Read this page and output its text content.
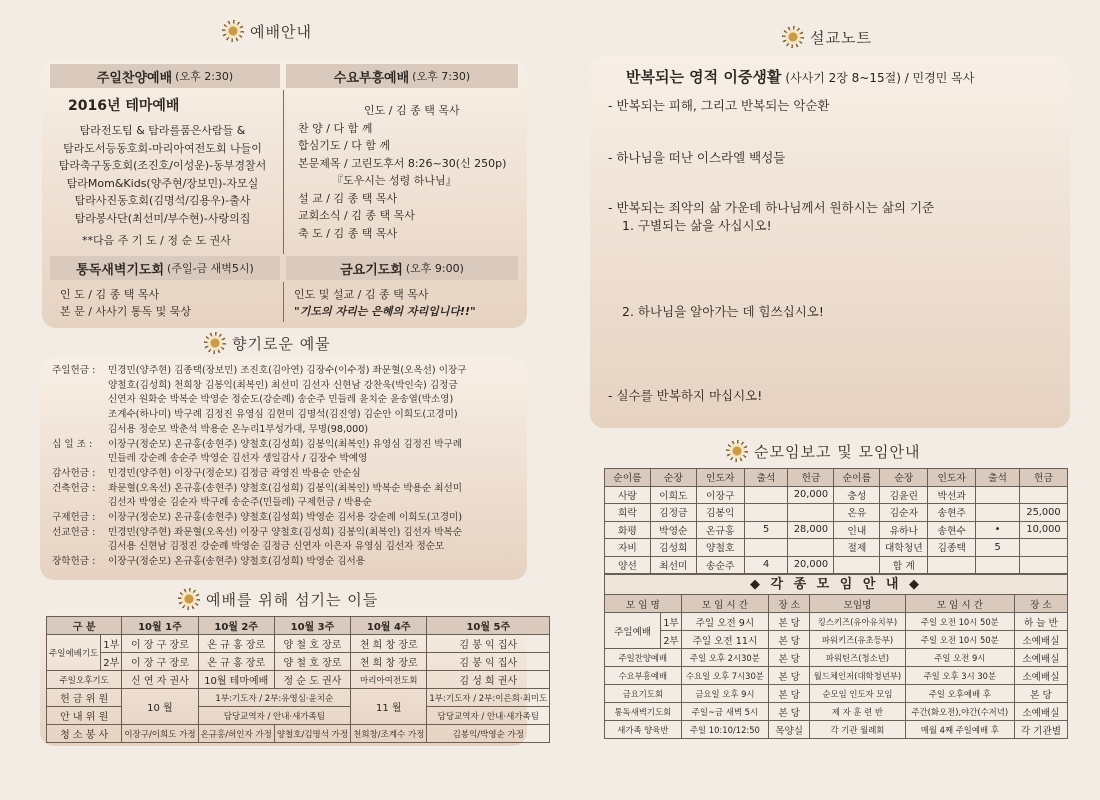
예배안내
주일찬양예배 (오후 2:30)	수요부흥예배 (오후 7:30)
2016년 테마예배
탐라전도팀 & 탐라를품은사람들 &
탐라도서등동호회-마리아여전도회 나들이
탐라축구동호회(조진호/이성운)-동부경찰서
탐라Mom&Kids(양주현/장보민)-자모실
탐라사진동호회(김명석/김용우)-출사
탐라봉사단(최선미/부수현)-사랑의집
**다음 주 기 도 / 정 순 도 권사
인도 / 김 종 택 목사
찬 양 / 다 함 께
합심기도 / 다 함 께
본문제목 / 고린도후서 8:26~30(신 250p)
『도우시는 성령 하나님』
설 교 / 김 종 택 목사
교회소식 / 김 종 택 목사
축 도 / 김 종 택 목사
통독새벽기도회 (주일-금 새벽5시)	금요기도회 (오후 9:00)
인 도 / 김 종 택 목사
본 문 / 사사기 통독 및 묵상
인도 및 설교 / 김 종 택 목사
"기도의 자리는 은혜의 자리입니다!!"
향기로운 예물
주일헌금 :	민경민(양주현) 김종택(장보민) 조진호(김아연) 김장수(이수정) 좌문혈(오옥선) 이장구
양철호(김성희) 천희창 김봉익(최복인) 최선미 김선자 신현남 강찬욱(박인숙) 김정금
신연자 원화순 박복순 박영순 정순도(강순례) 송순주 민들레 윤치순 윤송열(박소영)
조계수(하나미) 박구례 김정진 유영심 김현미 김명석(김진영) 김순안 이희도(고경미)
김서용 정순모 박춘석 박용순 온누리1부성가대, 무명(98,000)
십 일 조 :	이장구(정순모) 온규홍(송현주) 양철호(김성희) 김봉익(최복인) 유영심 김정진 박구례
민들레 강순례 송순주 박영순 김선자 생일감사 / 김장수 박예영
감사헌금 :	민경민(양주현) 이장구(정순모) 김정금 곽영진 박용순 안순심
건축헌금 :	좌문혈(오옥선) 온규홍(송현주) 양철호(김성희) 김봉익(최복인) 박복순 박용순 최선미
김선자 박영순 김순자 박구례 송순주(민들레) 구제헌금 / 박용순
구제헌금 :	이장구(정순모) 온규홍(송현주) 양철호(김성희) 박영순 김서용 강순례 이희도(고경미)
선교헌금 :	민경민(양주현) 좌문혈(오옥선) 이장구 양철호(김성희) 김봉익(최복인) 김선자 박복순
김서용 신현남 김정진 강순례 박영순 김정금 신연자 이은자 유영심 김선자 정순모
장학헌금 :	이장구(정순모) 온규홍(송현주) 양철호(김성희) 박영순 김서용
예배를 위해 섬기는 이들
구 분		10월 1주	10월 2주	10월 3주	10월 4주	10월 5주
주일예배기도	1부	이 장 구 장로	온 규 홍 장로	양 철 호 장로	천 희 창 장로	김 봉 익 집사
	2부	이 장 구 장로	온 규 홍 장로	양 철 호 장로	천 희 창 장로	김 봉 익 집사
주일오후기도		신 연 자 권사	10월 테마예배	정 순 도 권사	마리아여전도회	김 성 희 권사
헌 금 위 원		10 월	1부:기도자 / 2부:유영심·윤치순		11 월	1부:기도자 / 2부:이은희·최미도
안 내 위 원			담당교역자 / 안내·새가족팀			담당교역자 / 안내·새가족팀
청 소 봉 사		이장구/이희도 가정	온규홍/허인자 가정	양철호/김명석 가정	천희창/조계수 가정	김봉익/박영순 가정
설교노트
반복되는 영적 이중생활 (사사기 2장 8~15절) / 민경민 목사
- 반복되는 피해, 그리고 반복되는 악순환
- 하나님을 떠난 이스라엘 백성들
- 반복되는 죄악의 삶 가운데 하나님께서 원하시는 삶의 기준
1. 구별되는 삶을 사십시오!
2. 하나님을 알아가는 데 힘쓰십시오!
- 실수를 반복하지 마십시오!
순모임보고 및 모임안내
순이름	순장	인도자	출석	헌금	순이름	순장	인도자	출석	헌금
사랑	이희도	이장구		20,000	충성	김윤린	박선과		
희락	김정금	김봉익			온유	김순자	송현주		25,000
화평	박영순	온규홍	5	28,000	인내	유하나	송현수	•	10,000
자비	김성희	양철호			절제	대학청년	김종택	5	
양선	최선미	송순주	4	20,000		합 계			
◆ 각 종 모 임 안 내 ◆
모 임 명		모 임 시 간	장 소	모임명	모 임 시 간	장 소
주일예배	1부	주일 오전 9시	본 당	킹스키즈(유아유치부)	주일 오전 10시 50분	하 늘 반
	2부	주일 오전 11시	본 당	파워키즈(유초등부)	주일 오전 10시 50분	소예배실
주일찬양예배		주일 오후 2시30분	본 당	파워틴즈(청소년)	주일 오전 9시	소예배실
수요부흥예배		수요일 오후 7시30분	본 당	월드체인저(대학청년부)	주일 오후 3시 30분	소예배실
금요기도회		금요일 오후 9시	본 당	순모임 인도자 모임	주일 오후예배 후	본 당
통독새벽기도회		주일~금 새벽 5시	본 당	제 자 훈 련 반	주간(화오전),야간(수저녁)	소예배실
새가족 양육반		주일 10:10/12:50	목양실	각 기관 월례회	매월 4째 주일예배 후	각 기관별
